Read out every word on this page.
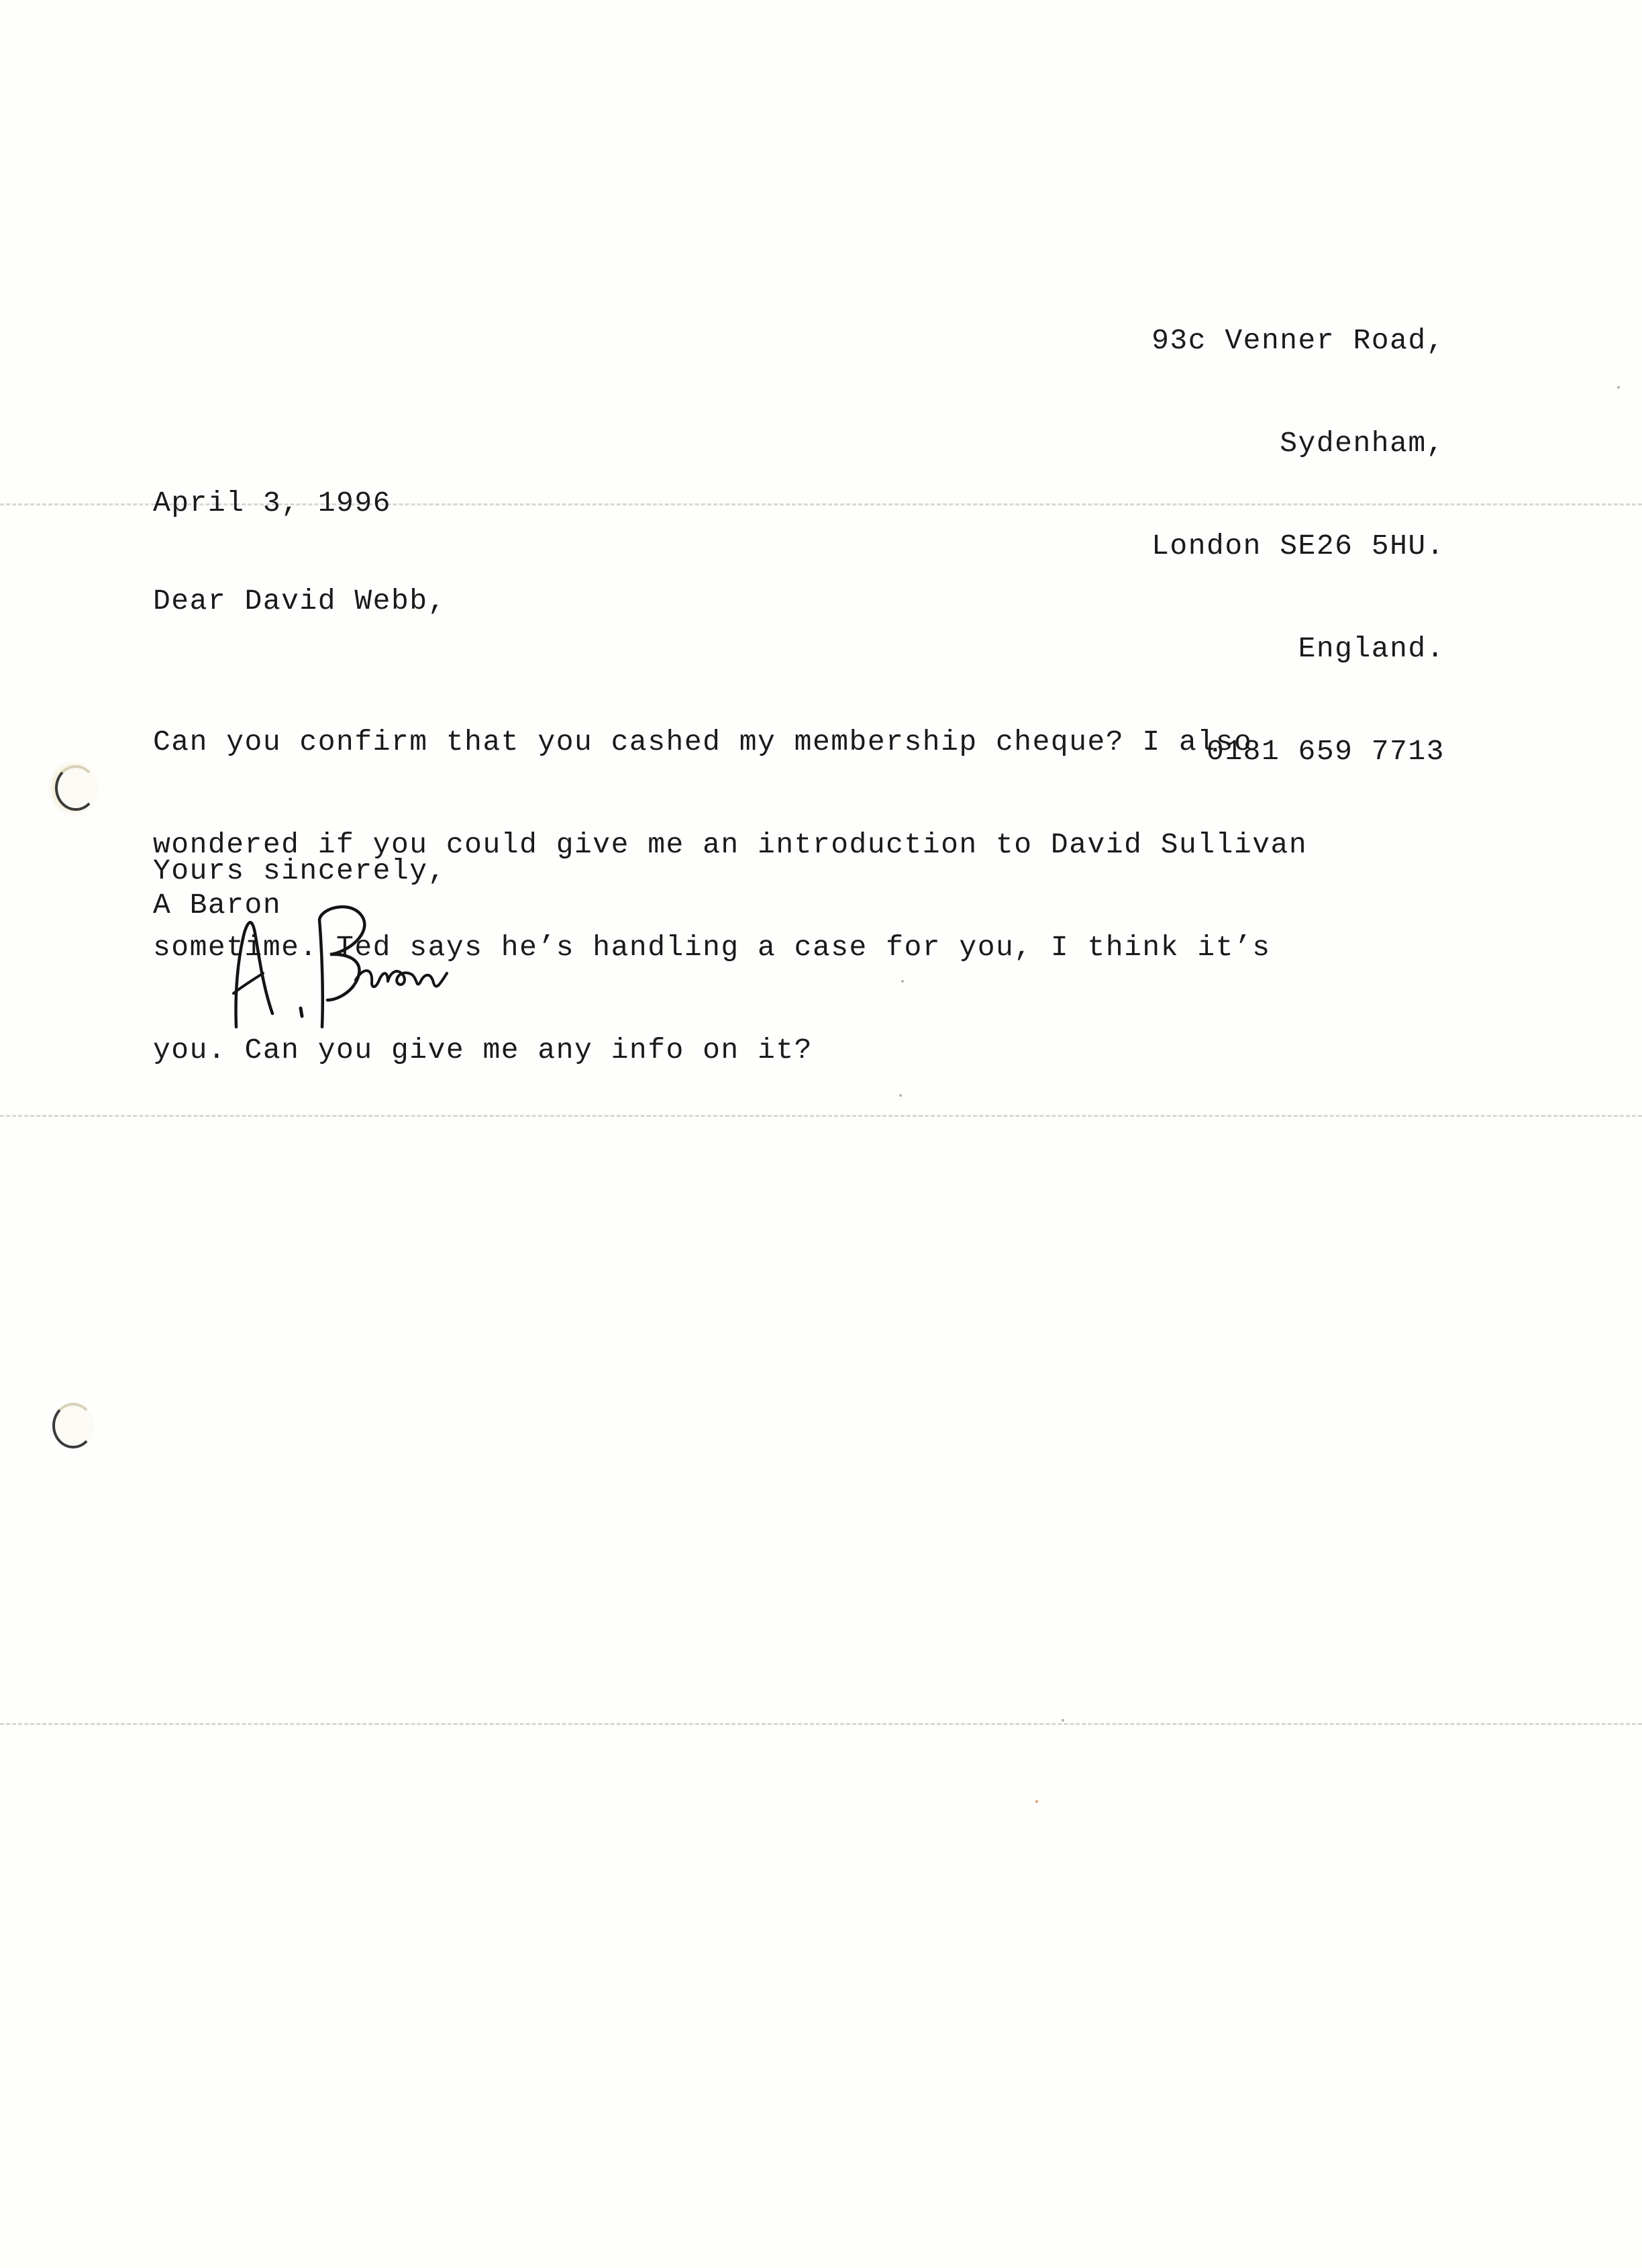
93c Venner Road,

Sydenham,

London SE26 5HU.

England.

0181 659 7713

April 3, 1996
Dear David Webb,

Can you confirm that you cashed my membership cheque? I also

wondered if you could give me an introduction to David Sullivan

sometime. Ted says he’s handling a case for you, I think it’s

you. Can you give me any info on it?

Yours sincerely,
A Baron
